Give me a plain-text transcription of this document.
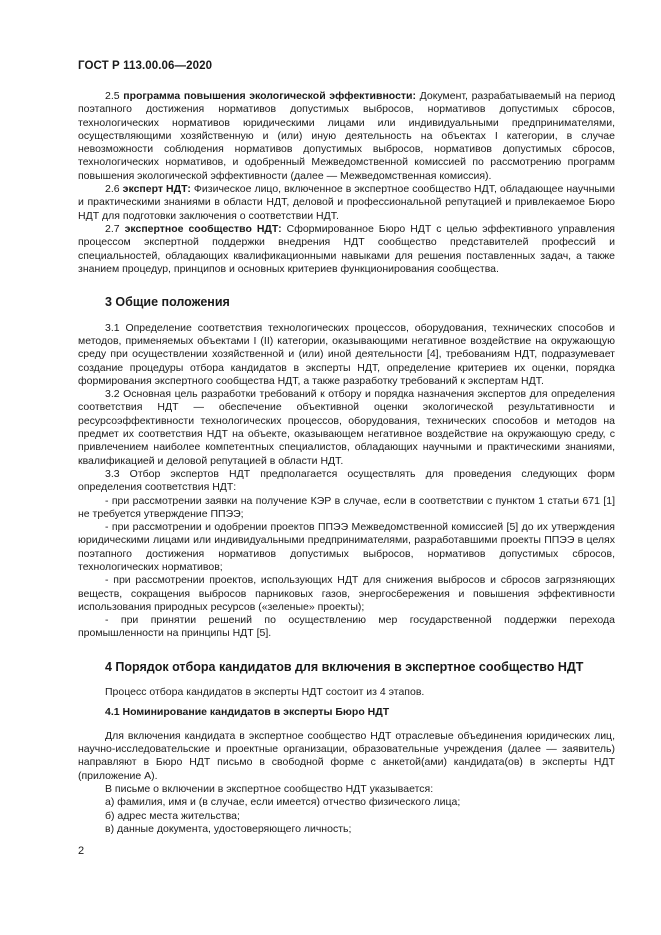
ГОСТ Р 113.00.06—2020

2.5 программа повышения экологической эффективности: Документ, разрабатываемый на период поэтапного достижения нормативов допустимых выбросов, нормативов допустимых сбросов, технологических нормативов юридическими лицами или индивидуальными предпринимателями, осуществляющими хозяйственную и (или) иную деятельность на объектах I категории, в случае невозможности соблюдения нормативов допустимых выбросов, нормативов допустимых сбросов, технологических нормативов, и одобренный Межведомственной комиссией по рассмотрению программ повышения экологической эффективности (далее — Межведомственная комиссия).

2.6 эксперт НДТ: Физическое лицо, включенное в экспертное сообщество НДТ, обладающее научными и практическими знаниями в области НДТ, деловой и профессиональной репутацией и привлекаемое Бюро НДТ для подготовки заключения о соответствии НДТ.

2.7 экспертное сообщество НДТ: Сформированное Бюро НДТ с целью эффективного управления процессом экспертной поддержки внедрения НДТ сообщество представителей профессий и специальностей, обладающих квалификационными навыками для решения поставленных задач, а также знанием процедур, принципов и основных критериев функционирования сообщества.

3 Общие положения

3.1 Определение соответствия технологических процессов, оборудования, технических способов и методов, применяемых объектами I (II) категории, оказывающими негативное воздействие на окружающую среду при осуществлении хозяйственной и (или) иной деятельности [4], требованиям НДТ, подразумевает создание процедуры отбора кандидатов в эксперты НДТ, определение критериев их оценки, порядка формирования экспертного сообщества НДТ, а также разработку требований к экспертам НДТ.

3.2 Основная цель разработки требований к отбору и порядка назначения экспертов для определения соответствия НДТ — обеспечение объективной оценки экологической результативности и ресурсоэффективности технологических процессов, оборудования, технических способов и методов на предмет их соответствия НДТ на объекте, оказывающем негативное воздействие на окружающую среду, с привлечением наиболее компетентных специалистов, обладающих научными и практическими знаниями, квалификацией и деловой репутацией в области НДТ.

3.3 Отбор экспертов НДТ предполагается осуществлять для проведения следующих форм определения соответствия НДТ:

- при рассмотрении заявки на получение КЭР в случае, если в соответствии с пунктом 1 статьи 671 [1] не требуется утверждение ППЭЭ;

- при рассмотрении и одобрении проектов ППЭЭ Межведомственной комиссией [5] до их утверждения юридическими лицами или индивидуальными предпринимателями, разработавшими проекты ППЭЭ в целях поэтапного достижения нормативов допустимых выбросов, нормативов допустимых сбросов, технологических нормативов;

- при рассмотрении проектов, использующих НДТ для снижения выбросов и сбросов загрязняющих веществ, сокращения выбросов парниковых газов, энергосбережения и повышения эффективности использования природных ресурсов («зеленые» проекты);

- при принятии решений по осуществлению мер государственной поддержки перехода промышленности на принципы НДТ [5].

4 Порядок отбора кандидатов для включения в экспертное сообщество НДТ

Процесс отбора кандидатов в эксперты НДТ состоит из 4 этапов.

4.1 Номинирование кандидатов в эксперты Бюро НДТ

Для включения кандидата в экспертное сообщество НДТ отраслевые объединения юридических лиц, научно-исследовательские и проектные организации, образовательные учреждения (далее — заявитель) направляют в Бюро НДТ письмо в свободной форме с анкетой(ами) кандидата(ов) в эксперты НДТ (приложение А).

В письме о включении в экспертное сообщество НДТ указывается:

а) фамилия, имя и (в случае, если имеется) отчество физического лица;

б) адрес места жительства;

в) данные документа, удостоверяющего личность;

2
